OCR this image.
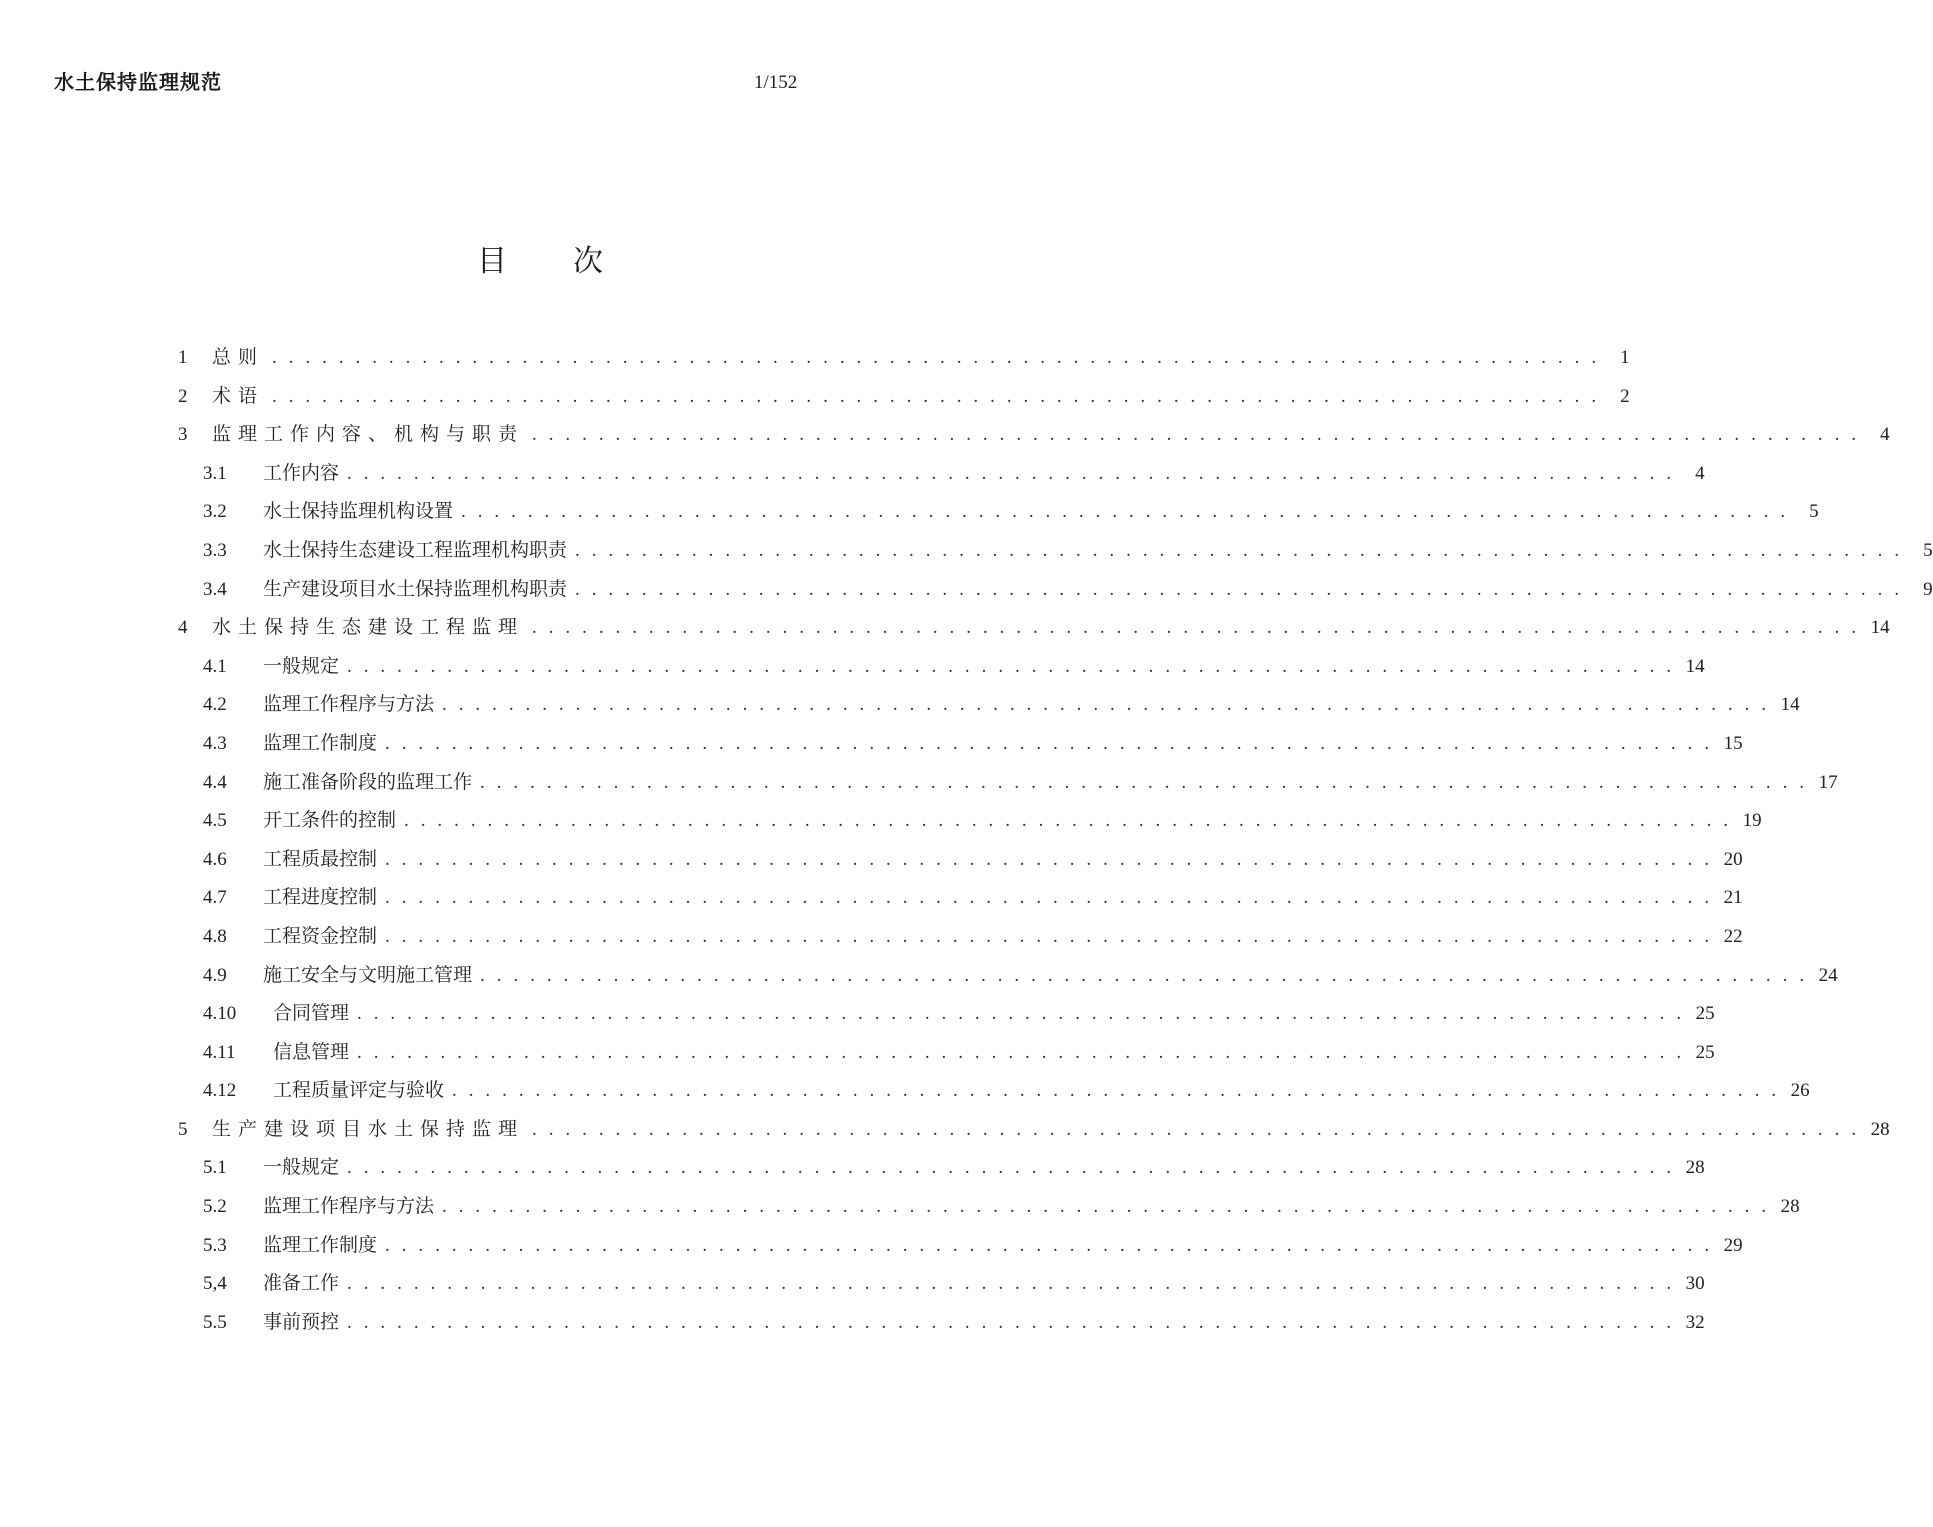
水土保持监理规范	1/152
目次
1	总则 . . . . . . . . . . . . . . . . . . . . . . . . . . . . . . . . . . . . . . . . . . . . . . . . . . . . . . . . . . . . . . . . . . . . . . . . . . . . . . . .	1
2	术语 . . . . . . . . . . . . . . . . . . . . . . . . . . . . . . . . . . . . . . . . . . . . . . . . . . . . . . . . . . . . . . . . . . . . . . . . . . . . . . . .	2
3	监理工作内容、机构与职责 . . . . . . . . . . . . . . . . . . . . . . . . . . . . . . . . . . . . . . . . . . . . . . . . . . . . . . . . . . . . . . . . . . . . . . . . . . . . . . . .	4
3.1	工作内容 . . . . . . . . . . . . . . . . . . . . . . . . . . . . . . . . . . . . . . . . . . . . . . . . . . . . . . . . . . . . . . . . . . . . . . . . . . . . . . . .	4
3.2	水土保持监理机构设置 . . . . . . . . . . . . . . . . . . . . . . . . . . . . . . . . . . . . . . . . . . . . . . . . . . . . . . . . . . . . . . . . . . . . . . . . . . . . . . . .	5
3.3	水土保持生态建设工程监理机构职责 . . . . . . . . . . . . . . . . . . . . . . . . . . . . . . . . . . . . . . . . . . . . . . . . . . . . . . . . . . . . . . . . . . . . . . . . . . . . . . . .	5
3.4	生产建设项目水土保持监理机构职责 . . . . . . . . . . . . . . . . . . . . . . . . . . . . . . . . . . . . . . . . . . . . . . . . . . . . . . . . . . . . . . . . . . . . . . . . . . . . . . . .	9
4	水土保持生态建设工程监理 . . . . . . . . . . . . . . . . . . . . . . . . . . . . . . . . . . . . . . . . . . . . . . . . . . . . . . . . . . . . . . . . . . . . . . . . . . . . . . . . 14
4.1	一般规定 . . . . . . . . . . . . . . . . . . . . . . . . . . . . . . . . . . . . . . . . . . . . . . . . . . . . . . . . . . . . . . . . . . . . . . . . . . . . . . . . 14
4.2	监理工作程序与方法 . . . . . . . . . . . . . . . . . . . . . . . . . . . . . . . . . . . . . . . . . . . . . . . . . . . . . . . . . . . . . . . . . . . . . . . . . . . . . . . . 14
4.3	监理工作制度 . . . . . . . . . . . . . . . . . . . . . . . . . . . . . . . . . . . . . . . . . . . . . . . . . . . . . . . . . . . . . . . . . . . . . . . . . . . . . . . . 15
4.4	施工准备阶段的监理工作 . . . . . . . . . . . . . . . . . . . . . . . . . . . . . . . . . . . . . . . . . . . . . . . . . . . . . . . . . . . . . . . . . . . . . . . . . . . . . . . . 17
4.5	开工条件的控制 . . . . . . . . . . . . . . . . . . . . . . . . . . . . . . . . . . . . . . . . . . . . . . . . . . . . . . . . . . . . . . . . . . . . . . . . . . . . . . . . 19
4.6	工程质最控制 . . . . . . . . . . . . . . . . . . . . . . . . . . . . . . . . . . . . . . . . . . . . . . . . . . . . . . . . . . . . . . . . . . . . . . . . . . . . . . . . 20
4.7	工程进度控制 . . . . . . . . . . . . . . . . . . . . . . . . . . . . . . . . . . . . . . . . . . . . . . . . . . . . . . . . . . . . . . . . . . . . . . . . . . . . . . . . 21
4.8	工程资金控制 . . . . . . . . . . . . . . . . . . . . . . . . . . . . . . . . . . . . . . . . . . . . . . . . . . . . . . . . . . . . . . . . . . . . . . . . . . . . . . . . 22
4.9	施工安全与文明施工管理 . . . . . . . . . . . . . . . . . . . . . . . . . . . . . . . . . . . . . . . . . . . . . . . . . . . . . . . . . . . . . . . . . . . . . . . . . . . . . . . . 24
4.10	合同管理 . . . . . . . . . . . . . . . . . . . . . . . . . . . . . . . . . . . . . . . . . . . . . . . . . . . . . . . . . . . . . . . . . . . . . . . . . . . . . . . . 25
4.11	信息管理 . . . . . . . . . . . . . . . . . . . . . . . . . . . . . . . . . . . . . . . . . . . . . . . . . . . . . . . . . . . . . . . . . . . . . . . . . . . . . . . . 25
4.12	工程质量评定与验收 . . . . . . . . . . . . . . . . . . . . . . . . . . . . . . . . . . . . . . . . . . . . . . . . . . . . . . . . . . . . . . . . . . . . . . . . . . . . . . . . 26
5	生产建设项目水土保持监理 . . . . . . . . . . . . . . . . . . . . . . . . . . . . . . . . . . . . . . . . . . . . . . . . . . . . . . . . . . . . . . . . . . . . . . . . . . . . . . . . 28
5.1	一般规定 . . . . . . . . . . . . . . . . . . . . . . . . . . . . . . . . . . . . . . . . . . . . . . . . . . . . . . . . . . . . . . . . . . . . . . . . . . . . . . . . 28
5.2	监理工作程序与方法 . . . . . . . . . . . . . . . . . . . . . . . . . . . . . . . . . . . . . . . . . . . . . . . . . . . . . . . . . . . . . . . . . . . . . . . . . . . . . . . . 28
5.3	监理工作制度 . . . . . . . . . . . . . . . . . . . . . . . . . . . . . . . . . . . . . . . . . . . . . . . . . . . . . . . . . . . . . . . . . . . . . . . . . . . . . . . . 29
5,4	准备工作 . . . . . . . . . . . . . . . . . . . . . . . . . . . . . . . . . . . . . . . . . . . . . . . . . . . . . . . . . . . . . . . . . . . . . . . . . . . . . . . . 30
5.5	事前预控 . . . . . . . . . . . . . . . . . . . . . . . . . . . . . . . . . . . . . . . . . . . . . . . . . . . . . . . . . . . . . . . . . . . . . . . . . . . . . . . . 32
